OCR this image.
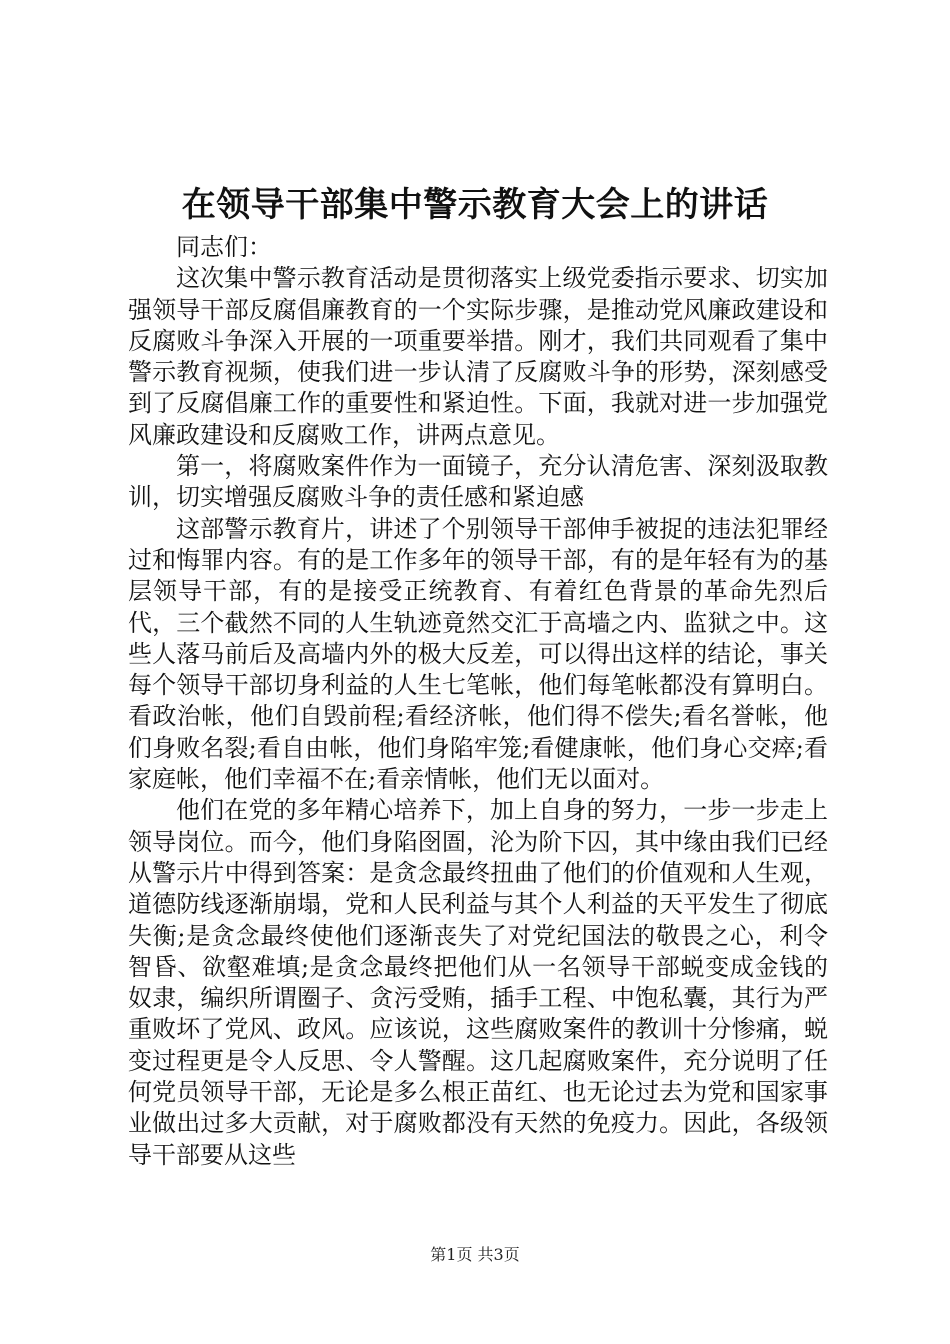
在领导干部集中警示教育大会上的讲话

同志们：

这次集中警示教育活动是贯彻落实上级党委指示要求、切实加强领导干部反腐倡廉教育的一个实际步骤，是推动党风廉政建设和反腐败斗争深入开展的一项重要举措。刚才，我们共同观看了集中警示教育视频，使我们进一步认清了反腐败斗争的形势，深刻感受到了反腐倡廉工作的重要性和紧迫性。下面，我就对进一步加强党风廉政建设和反腐败工作，讲两点意见。

第一，将腐败案件作为一面镜子，充分认清危害、深刻汲取教训，切实增强反腐败斗争的责任感和紧迫感

这部警示教育片，讲述了个别领导干部伸手被捉的违法犯罪经过和悔罪内容。有的是工作多年的领导干部，有的是年轻有为的基层领导干部，有的是接受正统教育、有着红色背景的革命先烈后代，三个截然不同的人生轨迹竟然交汇于高墙之内、监狱之中。这些人落马前后及高墙内外的极大反差，可以得出这样的结论，事关每个领导干部切身利益的人生七笔帐，他们每笔帐都没有算明白。看政治帐，他们自毁前程;看经济帐，他们得不偿失;看名誉帐，他们身败名裂;看自由帐，他们身陷牢笼;看健康帐，他们身心交瘁;看家庭帐，他们幸福不在;看亲情帐，他们无以面对。

他们在党的多年精心培养下，加上自身的努力，一步一步走上领导岗位。而今，他们身陷囹圄，沦为阶下囚，其中缘由我们已经从警示片中得到答案：是贪念最终扭曲了他们的价值观和人生观，道德防线逐渐崩塌，党和人民利益与其个人利益的天平发生了彻底失衡;是贪念最终使他们逐渐丧失了对党纪国法的敬畏之心，利令智昏、欲壑难填;是贪念最终把他们从一名领导干部蜕变成金钱的奴隶，编织所谓圈子、贪污受贿，插手工程、中饱私囊，其行为严重败坏了党风、政风。应该说，这些腐败案件的教训十分惨痛，蜕变过程更是令人反思、令人警醒。这几起腐败案件，充分说明了任何党员领导干部，无论是多么根正苗红、也无论过去为党和国家事业做出过多大贡献，对于腐败都没有天然的免疫力。因此，各级领导干部要从这些

第1页 共3页
